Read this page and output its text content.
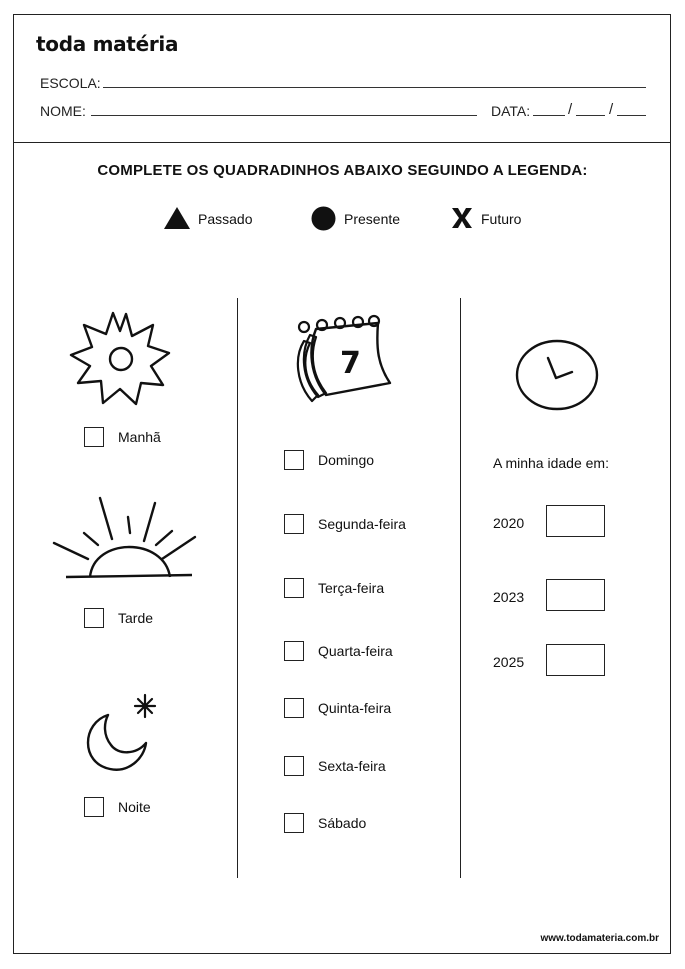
toda matéria
ESCOLA:
NOME:	DATA:	/ /
COMPLETE OS QUADRADINHOS ABAIXO SEGUINDO A LEGENDA:
Passado	Presente	Futuro
Manhã
Tarde
Noite
7
Domingo
Segunda-feira
Terça-feira
Quarta-feira
Quinta-feira
Sexta-feira
Sábado
A minha idade em:
2020
2023
2025
www.todamateria.com.br
